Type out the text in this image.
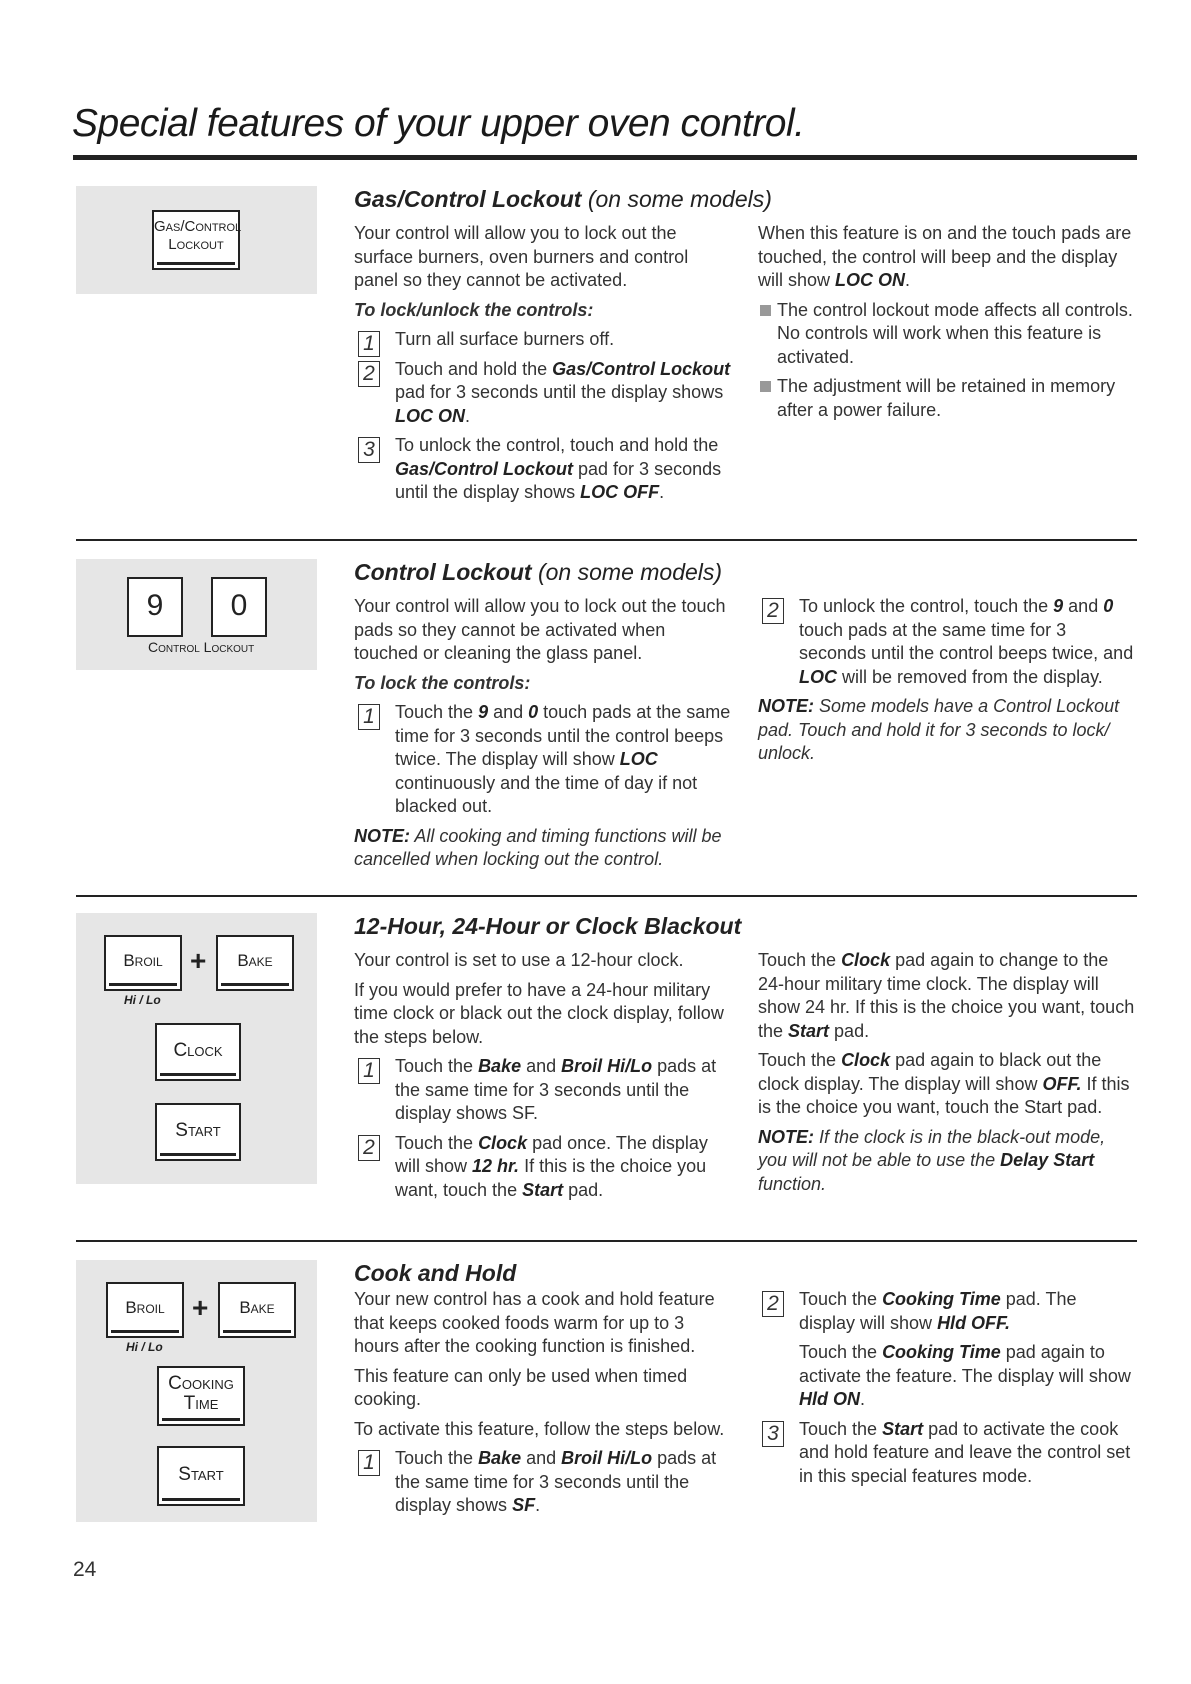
Special features of your upper oven control.
Gas/Control Lockout
Gas/Control Lockout (on some models)
Your control will allow you to lock out the surface burners, oven burners and control panel so they cannot be activated.
To lock/unlock the controls:
1 Turn all surface burners off.
2 Touch and hold the Gas/Control Lockout pad for 3 seconds until the display shows LOC ON.
3 To unlock the control, touch and hold the Gas/Control Lockout pad for 3 seconds until the display shows LOC OFF.
When this feature is on and the touch pads are touched, the control will beep and the display will show LOC ON.
The control lockout mode affects all controls. No controls will work when this feature is activated.
The adjustment will be retained in memory after a power failure.
9	0
Control Lockout
Control Lockout (on some models)
Your control will allow you to lock out the touch pads so they cannot be activated when touched or cleaning the glass panel.
To lock the controls:
1 Touch the 9 and 0 touch pads at the same time for 3 seconds until the control beeps twice. The display will show LOC continuously and the time of day if not blacked out.
NOTE: All cooking and timing functions will be cancelled when locking out the control.
2 To unlock the control, touch the 9 and 0 touch pads at the same time for 3 seconds until the control beeps twice, and LOC will be removed from the display.
NOTE: Some models have a Control Lockout pad. Touch and hold it for 3 seconds to lock/ unlock.
Broil +	Bake
Hi / Lo
Clock
Start
12-Hour, 24-Hour or Clock Blackout
Your control is set to use a 12-hour clock.
If you would prefer to have a 24-hour military time clock or black out the clock display, follow the steps below.
1 Touch the Bake and Broil Hi/Lo pads at the same time for 3 seconds until the display shows SF.
2 Touch the Clock pad once. The display will show 12 hr. If this is the choice you want, touch the Start pad.
Touch the Clock pad again to change to the 24-hour military time clock. The display will show 24 hr. If this is the choice you want, touch the Start pad.
Touch the Clock pad again to black out the clock display. The display will show OFF. If this is the choice you want, touch the Start pad.
NOTE: If the clock is in the black-out mode, you will not be able to use the Delay Start function.
Broil +	Bake
Hi / Lo
Cooking Time
Start
Cook and Hold
Your new control has a cook and hold feature that keeps cooked foods warm for up to 3 hours after the cooking function is finished.
This feature can only be used when timed cooking.
To activate this feature, follow the steps below.
1 Touch the Bake and Broil Hi/Lo pads at the same time for 3 seconds until the display shows SF.
2 Touch the Cooking Time pad. The display will show Hld OFF.
Touch the Cooking Time pad again to activate the feature. The display will show Hld ON.
3 Touch the Start pad to activate the cook and hold feature and leave the control set in this special features mode.
24
